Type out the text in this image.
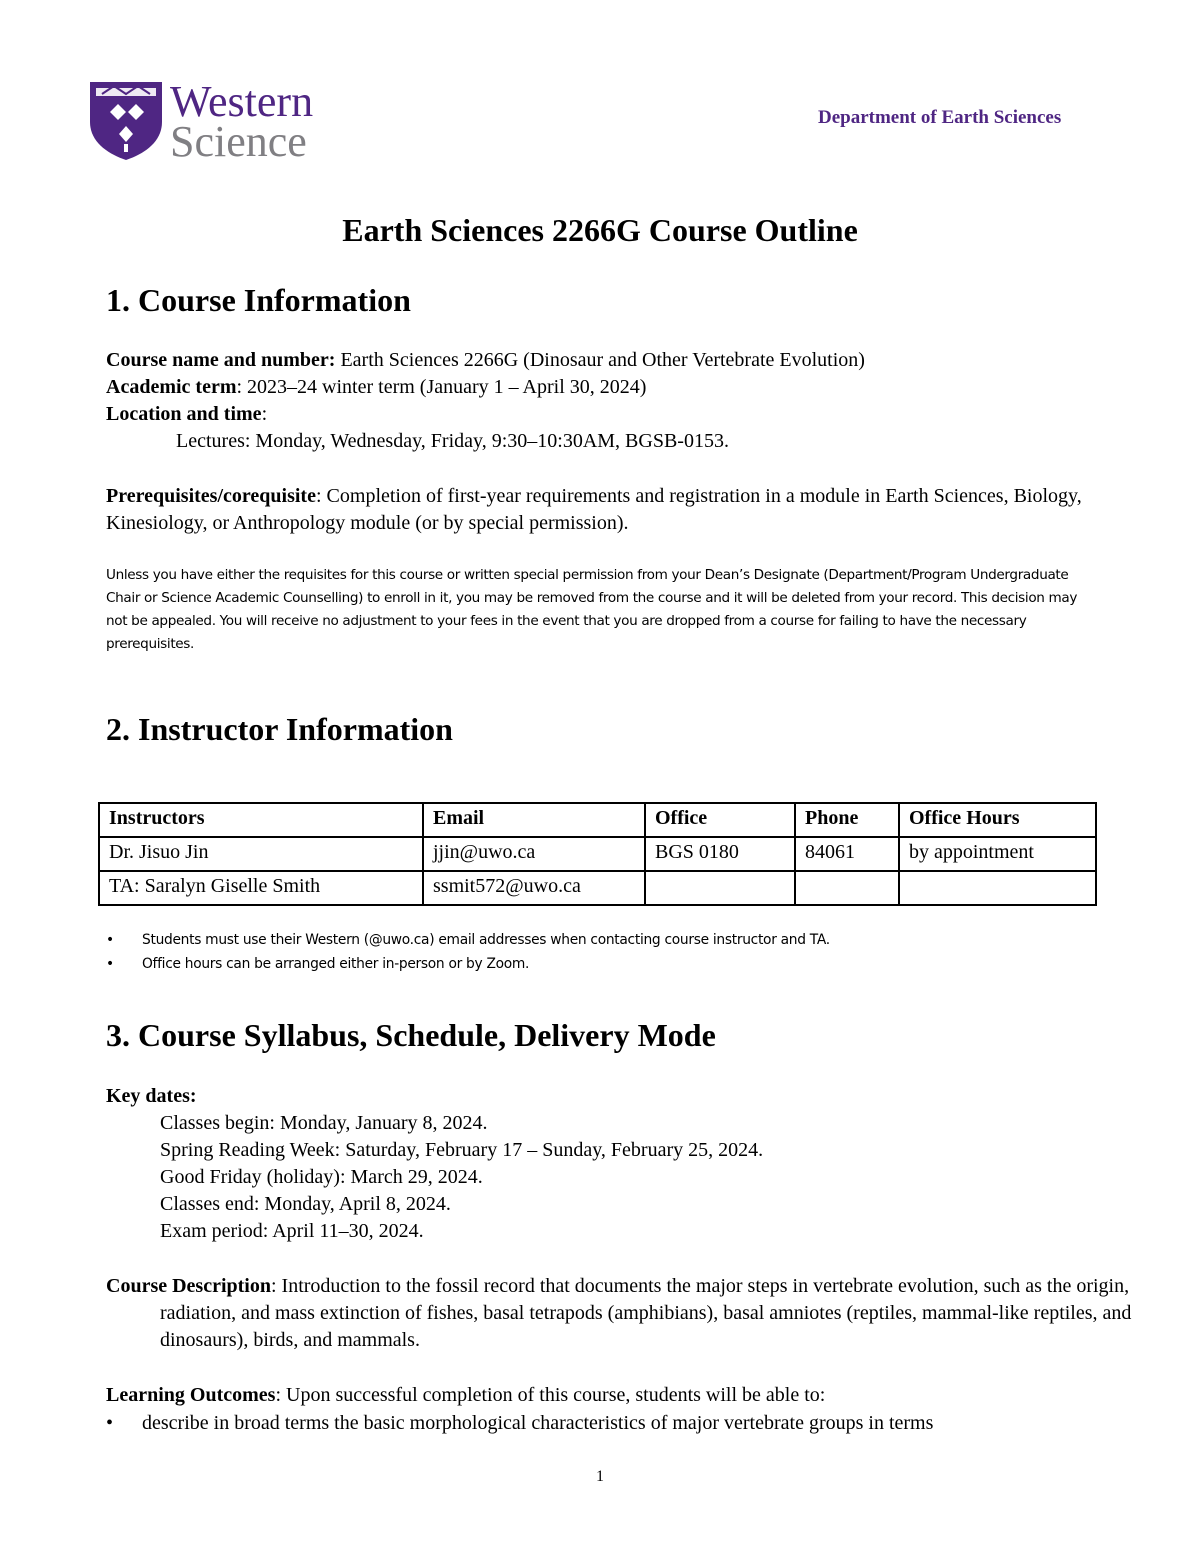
Western
Science	Department of Earth Sciences
Earth Sciences 2266G Course Outline
1. Course Information
Course name and number: Earth Sciences 2266G (Dinosaur and Other Vertebrate Evolution)
Academic term: 2023–24 winter term (January 1 – April 30, 2024)
Location and time:
Lectures: Monday, Wednesday, Friday, 9:30–10:30AM, BGSB-0153.
Prerequisites/corequisite: Completion of first-year requirements and registration in a module in Earth Sciences, Biology, Kinesiology, or Anthropology module (or by special permission).
Unless you have either the requisites for this course or written special permission from your Dean’s Designate (Department/Program Undergraduate Chair or Science Academic Counselling) to enroll in it, you may be removed from the course and it will be deleted from your record. This decision may not be appealed. You will receive no adjustment to your fees in the event that you are dropped from a course for failing to have the necessary prerequisites.
2. Instructor Information
Instructors	Email	Office	Phone	Office Hours
Dr. Jisuo Jin	jjin@uwo.ca	BGS 0180	84061	by appointment
TA: Saralyn Giselle Smith	ssmit572@uwo.ca			
• Students must use their Western (@uwo.ca) email addresses when contacting course instructor and TA.
• Office hours can be arranged either in-person or by Zoom.
3. Course Syllabus, Schedule, Delivery Mode
Key dates:
Classes begin: Monday, January 8, 2024.
Spring Reading Week: Saturday, February 17 – Sunday, February 25, 2024.
Good Friday (holiday): March 29, 2024.
Classes end: Monday, April 8, 2024.
Exam period: April 11–30, 2024.
Course Description: Introduction to the fossil record that documents the major steps in vertebrate evolution, such as the origin, radiation, and mass extinction of fishes, basal tetrapods (amphibians), basal amniotes (reptiles, mammal-like reptiles, and dinosaurs), birds, and mammals.
Learning Outcomes: Upon successful completion of this course, students will be able to:
• describe in broad terms the basic morphological characteristics of major vertebrate groups in terms
1
